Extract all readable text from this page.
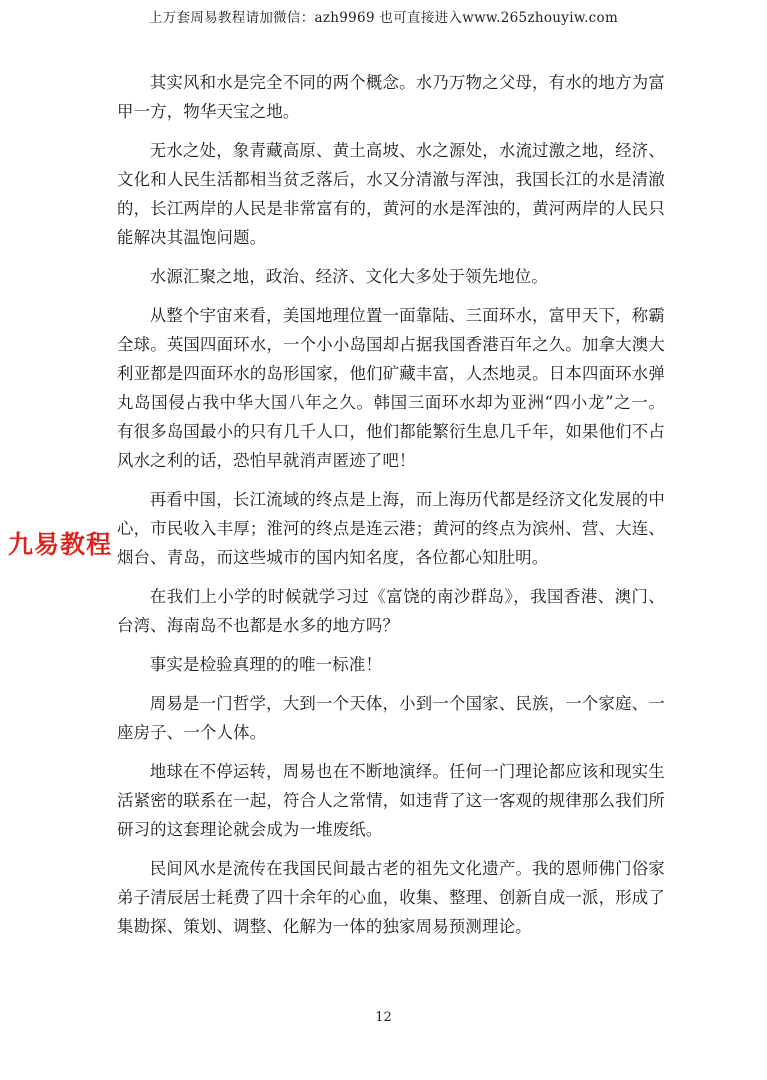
上万套周易教程请加微信：azh9969 也可直接进入www.265zhouyiw.com
九易教程

其实风和水是完全不同的两个概念。水乃万物之父母，有水的地方为富甲一方，物华天宝之地。

无水之处，象青藏高原、黄土高坡、水之源处，水流过激之地，经济、文化和人民生活都相当贫乏落后，水又分清澈与浑浊，我国长江的水是清澈的，长江两岸的人民是非常富有的，黄河的水是浑浊的，黄河两岸的人民只能解决其温饱问题。

水源汇聚之地，政治、经济、文化大多处于领先地位。

从整个宇宙来看，美国地理位置一面靠陆、三面环水，富甲天下，称霸全球。英国四面环水，一个小小岛国却占据我国香港百年之久。加拿大澳大利亚都是四面环水的岛形国家，他们矿藏丰富，人杰地灵。日本四面环水弹丸岛国侵占我中华大国八年之久。韩国三面环水却为亚洲“四小龙”之一。有很多岛国最小的只有几千人口，他们都能繁衍生息几千年，如果他们不占风水之利的话，恐怕早就消声匿迹了吧！

再看中国，长江流域的终点是上海，而上海历代都是经济文化发展的中心，市民收入丰厚；淮河的终点是连云港；黄河的终点为滨州、营、大连、烟台、青岛，而这些城市的国内知名度，各位都心知肚明。

在我们上小学的时候就学习过《富饶的南沙群岛》，我国香港、澳门、台湾、海南岛不也都是水多的地方吗？

事实是检验真理的的唯一标准！

周易是一门哲学，大到一个天体，小到一个国家、民族，一个家庭、一座房子、一个人体。

地球在不停运转，周易也在不断地演绎。任何一门理论都应该和现实生活紧密的联系在一起，符合人之常情，如违背了这一客观的规律那么我们所研习的这套理论就会成为一堆废纸。

民间风水是流传在我国民间最古老的祖先文化遗产。我的恩师佛门俗家弟子清辰居士耗费了四十余年的心血，收集、整理、创新自成一派，形成了集勘探、策划、调整、化解为一体的独家周易预测理论。

12
